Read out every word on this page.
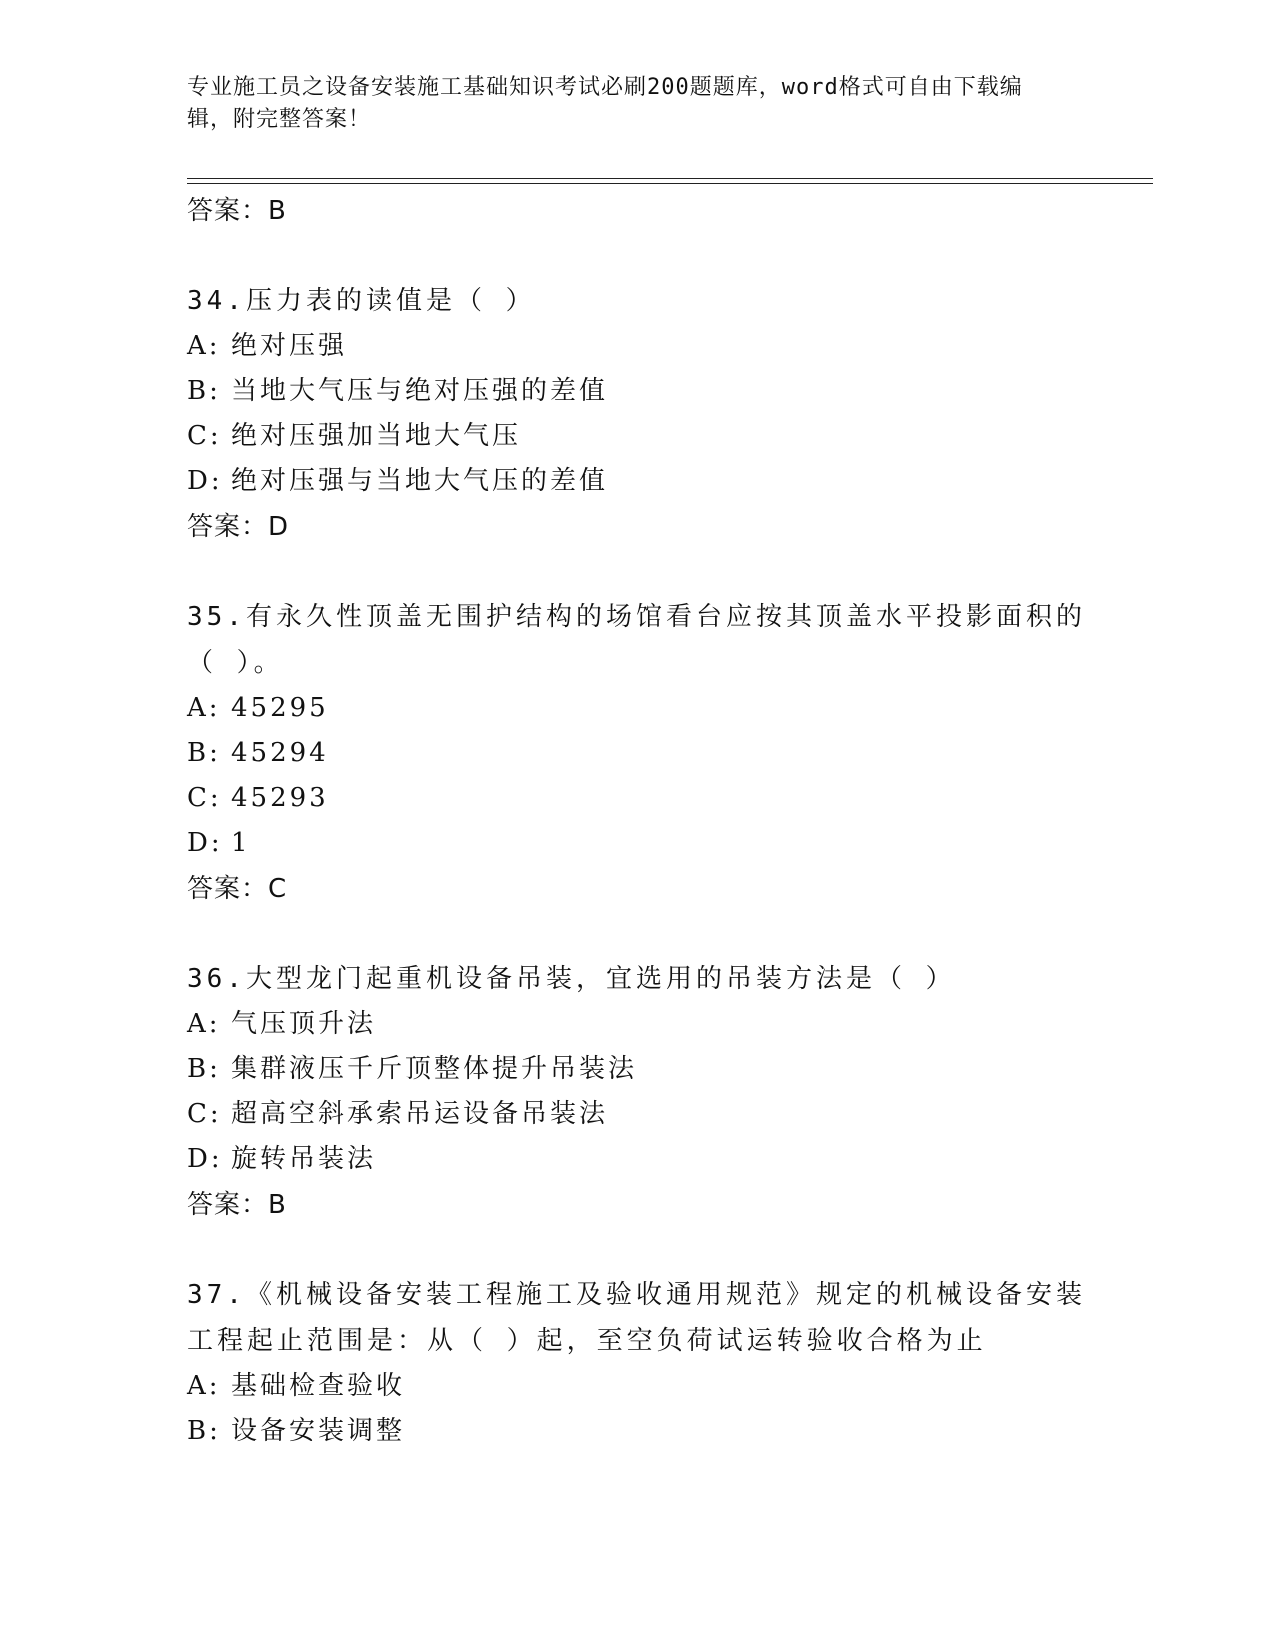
专业施工员之设备安装施工基础知识考试必刷200题题库，word格式可自由下载编辑，附完整答案！
答案：B
34.压力表的读值是（ ）
A: 绝对压强
B: 当地大气压与绝对压强的差值
C: 绝对压强加当地大气压
D: 绝对压强与当地大气压的差值
答案：D
35.有永久性顶盖无围护结构的场馆看台应按其顶盖水平投影面积的（ ）。
A: 45295
B: 45294
C: 45293
D: 1
答案：C
36.大型龙门起重机设备吊装，宜选用的吊装方法是（ ）
A: 气压顶升法
B: 集群液压千斤顶整体提升吊装法
C: 超高空斜承索吊运设备吊装法
D: 旋转吊装法
答案：B
37.《机械设备安装工程施工及验收通用规范》规定的机械设备安装工程起止范围是：从（ ）起，至空负荷试运转验收合格为止
A: 基础检查验收
B: 设备安装调整
